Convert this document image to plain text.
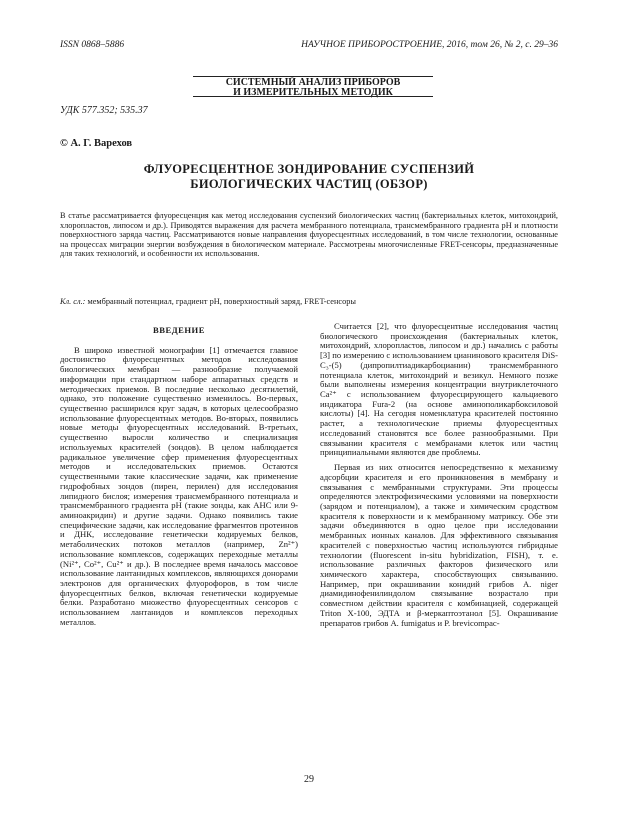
ISSN 0868–5886	НАУЧНОЕ ПРИБОРОСТРОЕНИЕ, 2016, том 26, № 2, с. 29–36
СИСТЕМНЫЙ АНАЛИЗ ПРИБОРОВ
И ИЗМЕРИТЕЛЬНЫХ МЕТОДИК
УДК 577.352; 535.37
© А. Г. Варехов
ФЛУОРЕСЦЕНТНОЕ ЗОНДИРОВАНИЕ СУСПЕНЗИЙ
БИОЛОГИЧЕСКИХ ЧАСТИЦ (ОБЗОР)
В статье рассматривается флуоресценция как метод исследования суспензий биологических частиц (бактериальных клеток, митохондрий, хлоропластов, липосом и др.). Приводятся выражения для расчета мембранного потенциала, трансмембранного градиента pH и плотности поверхностного заряда частиц. Рассматриваются новые направления флуоресцентных исследований, в том числе технологии, основанные на процессах миграции энергии возбуждения в биологическом материале. Рассмотрены многочисленные FRET-сенсоры, предназначенные для таких технологий, и особенности их использования.
Кл. сл.: мембранный потенциал, градиент pH, поверхностный заряд, FRET-сенсоры
ВВЕДЕНИЕ

В широко известной монографии [1] отмечается главное достоинство флуоресцентных методов исследования биологических мембран — разнообразие получаемой информации при стандартном наборе аппаратных средств и методических приемов. В последние несколько десятилетий, однако, это положение существенно изменилось. Во-первых, существенно расширился круг задач, в которых целесообразно использование флуоресцентных методов. Во-вторых, появились новые методы флуоресцентных исследований. В-третьих, существенно выросли количество и специализация используемых красителей (зондов). В целом наблюдается радикальное увеличение сфер применения флуоресцентных методов и исследовательских приемов. Остаются существенными такие классические задачи, как применение гидрофобных зондов (пирен, перилен) для исследования липидного бислоя; измерения трансмембранного потенциала и трансмембранного градиента pH (такие зонды, как АНС или 9-аминоакридин) и другие задачи. Однако появились такие специфические задачи, как исследование фрагментов протеинов и ДНК, исследование генетически кодируемых белков, метаболических потоков металлов (например, Zn²⁺) использование комплексов, содержащих переходные металлы (Ni²⁺, Co²⁺, Cu²⁺ и др.). В последнее время началось массовое использование лантанидных комплексов, являющихся донорами электронов для органических флуорофоров, в том числе флуоресцентных белков, включая генетически кодируемые белки. Разработано множество флуоресцентных сенсоров с использованием лантанидов и комплексов переходных металлов.

Считается [2], что флуоресцентные исследования частиц биологического происхождения (бактериальных клеток, митохондрий, хлоропластов, липосом и др.) начались с работы [3] по измерению с использованием цианинового красителя DiS-C₃-(5) (дипропилтиадикарбоцианин) трансмембранного потенциала клеток, митохондрий и везикул. Немного позже были выполнены измерения концентрации внутриклеточного Ca²⁺ с использованием флуоресцирующего кальциевого индикатора Fura-2 (на основе аминополикарбоксиловой кислоты) [4]. На сегодня номенклатура красителей постоянно растет, а технологические приемы флуоресцентных исследований становятся все более разнообразными. При связывании красителя с мембранами клеток или частиц принципиальными являются две проблемы.

Первая из них относится непосредственно к механизму адсорбции красителя и его проникновения в мембрану и связывания с мембранными структурами. Эти процессы определяются электрофизическими условиями на поверхности (зарядом и потенциалом), а также и химическим сродством красителя к поверхности и к мембранному матриксу. Обе эти задачи объединяются в одно целое при исследовании мембранных ионных каналов. Для эффективного связывания красителей с поверхностью частиц используются гибридные технологии (fluorescent in-situ hybridization, FISH), т. е. использование различных факторов физического или химического характера, способствующих связыванию. Например, при окрашивании конидий грибов A. niger диамидинофенилиндолом связывание возрастало при совместном действии красителя с комбинацией, содержащей Triton X-100, ЭДТА и β-меркаптоэтанол [5]. Окрашивание препаратов грибов A. fumigatus и P. brevicompac-

29
